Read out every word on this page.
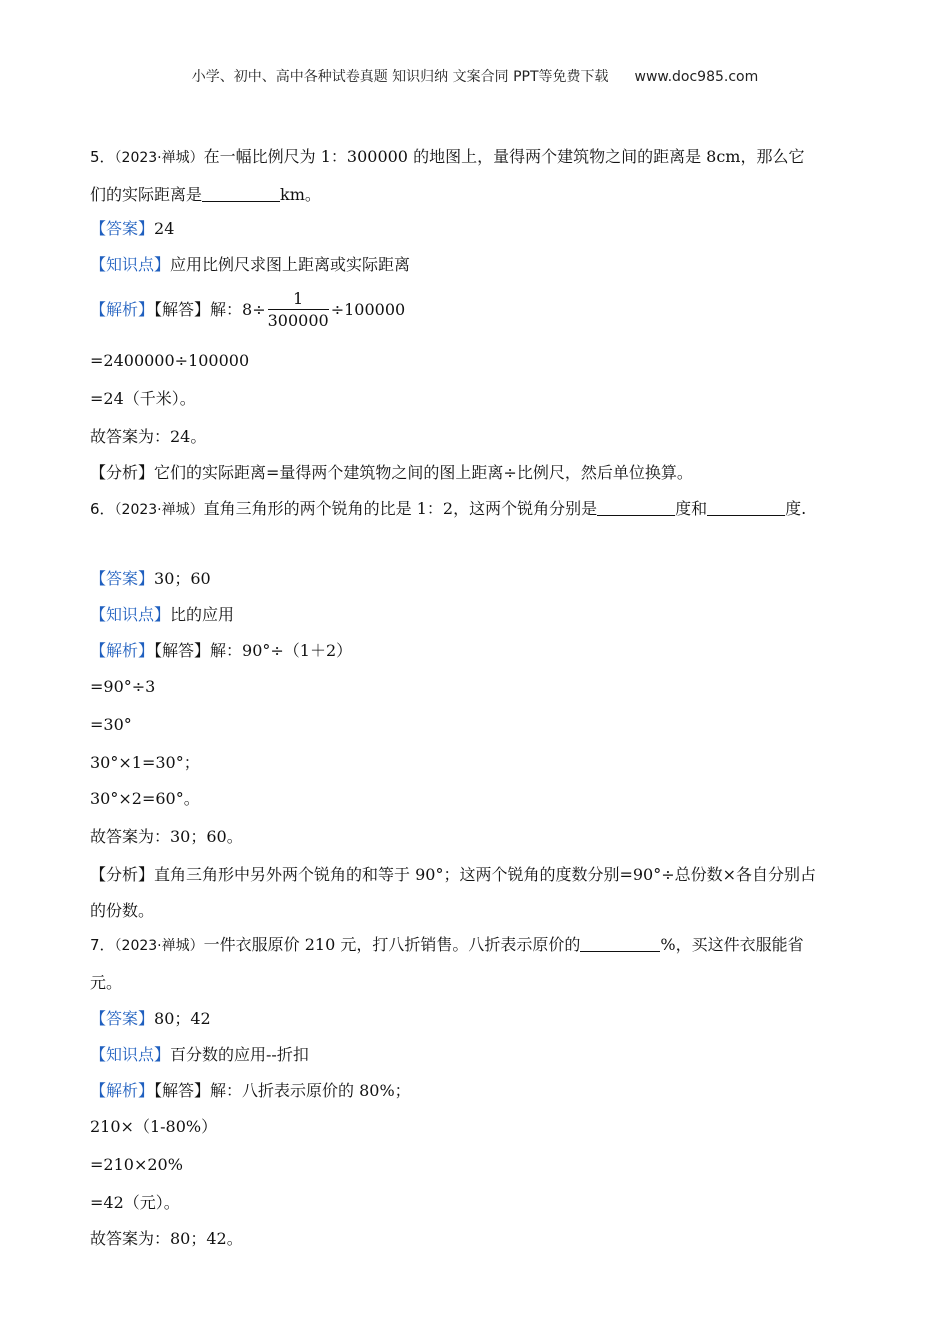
小学、初中、高中各种试卷真题 知识归纳 文案合同 PPT等免费下载 www.doc985.com
5．（2023·禅城）在一幅比例尺为 1：300000 的地图上，量得两个建筑物之间的距离是 8cm，那么它
们的实际距离是	km。
【答案】24
【知识点】应用比例尺求图上距离或实际距离
【解析】【解答】解：$8\div \frac{1}{300000} \div 100000$
=2400000÷100000
=24（千米）。
故答案为：24。
【分析】它们的实际距离=量得两个建筑物之间的图上距离÷比例尺，然后单位换算。
6．（2023·禅城）直角三角形的两个锐角的比是 1：2，这两个锐角分别是	度和	度.
【答案】30；60
【知识点】比的应用
【解析】【解答】解：90°÷（1＋2）
=90°÷3
=30°
30°×1=30°；
30°×2=60°。
故答案为：30；60。
【分析】直角三角形中另外两个锐角的和等于 90°；这两个锐角的度数分别=90°÷总份数×各自分别占
的份数。
7．（2023·禅城）一件衣服原价 210 元，打八折销售。八折表示原价的	%，买这件衣服能省
元。
【答案】80；42
【知识点】百分数的应用--折扣
【解析】【解答】解：八折表示原价的 80%；
210×（1-80%）
=210×20%
=42（元）。
故答案为：80；42。
